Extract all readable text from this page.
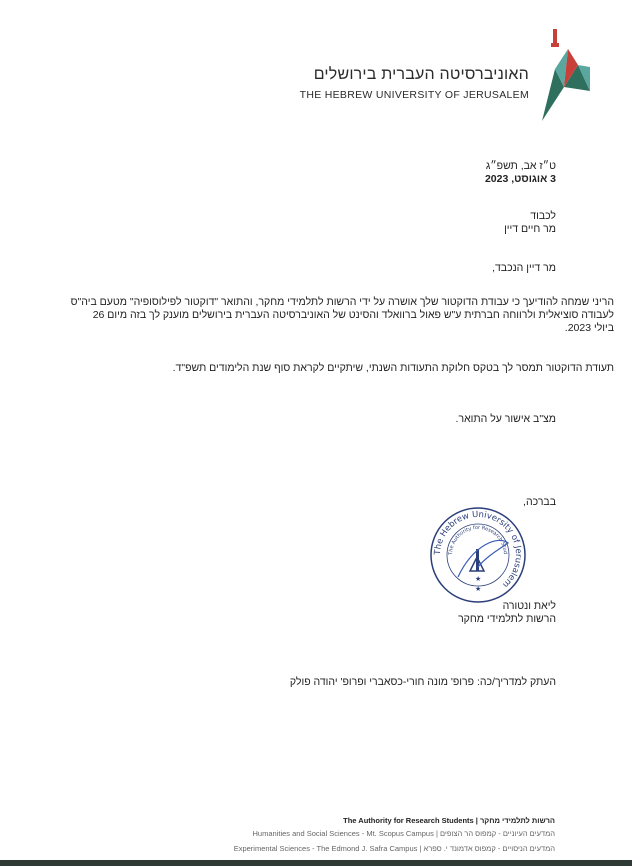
האוניברסיטה העברית בירושלים
THE HEBREW UNIVERSITY OF JERUSALEM
ט״ז אב, תשפ״ג
3 אוגוסט, 2023
לכבוד
מר חיים דיין
מר דיין הנכבד,
הריני שמחה להודיעך כי עבודת הדוקטור שלך אושרה על ידי הרשות לתלמידי מחקר, והתואר "דוקטור לפילוסופיה" מטעם ביה"ס לעבודה סוציאלית ולרווחה חברתית ע"ש פאול ברוואלד והסינט של האוניברסיטה העברית בירושלים מוענק לך בזה מיום 26 ביולי 2023.
תעודת הדוקטור תמסר לך בטקס חלוקת התעודות השנתי, שיתקיים לקראת סוף שנת הלימודים תשפ"ד.
מצ"ב אישור על התואר.
בברכה,
The Hebrew University of Jerusalem
The Authority for Research Stud
★
★
ליאת ונטורה
הרשות לתלמידי מחקר
העתק למדריך/כה: פרופ' מונה חורי-כסאברי ופרופ' יהודה פולק
הרשות לתלמידי מחקר | The Authority for Research Students
המדעים העיוניים - קמפוס הר הצופים | Humanities and Social Sciences - Mt. Scopus Campus
המדעים הניסויים - קמפוס אדמונד י. ספרא | Experimental Sciences - The Edmond J. Safra Campus
